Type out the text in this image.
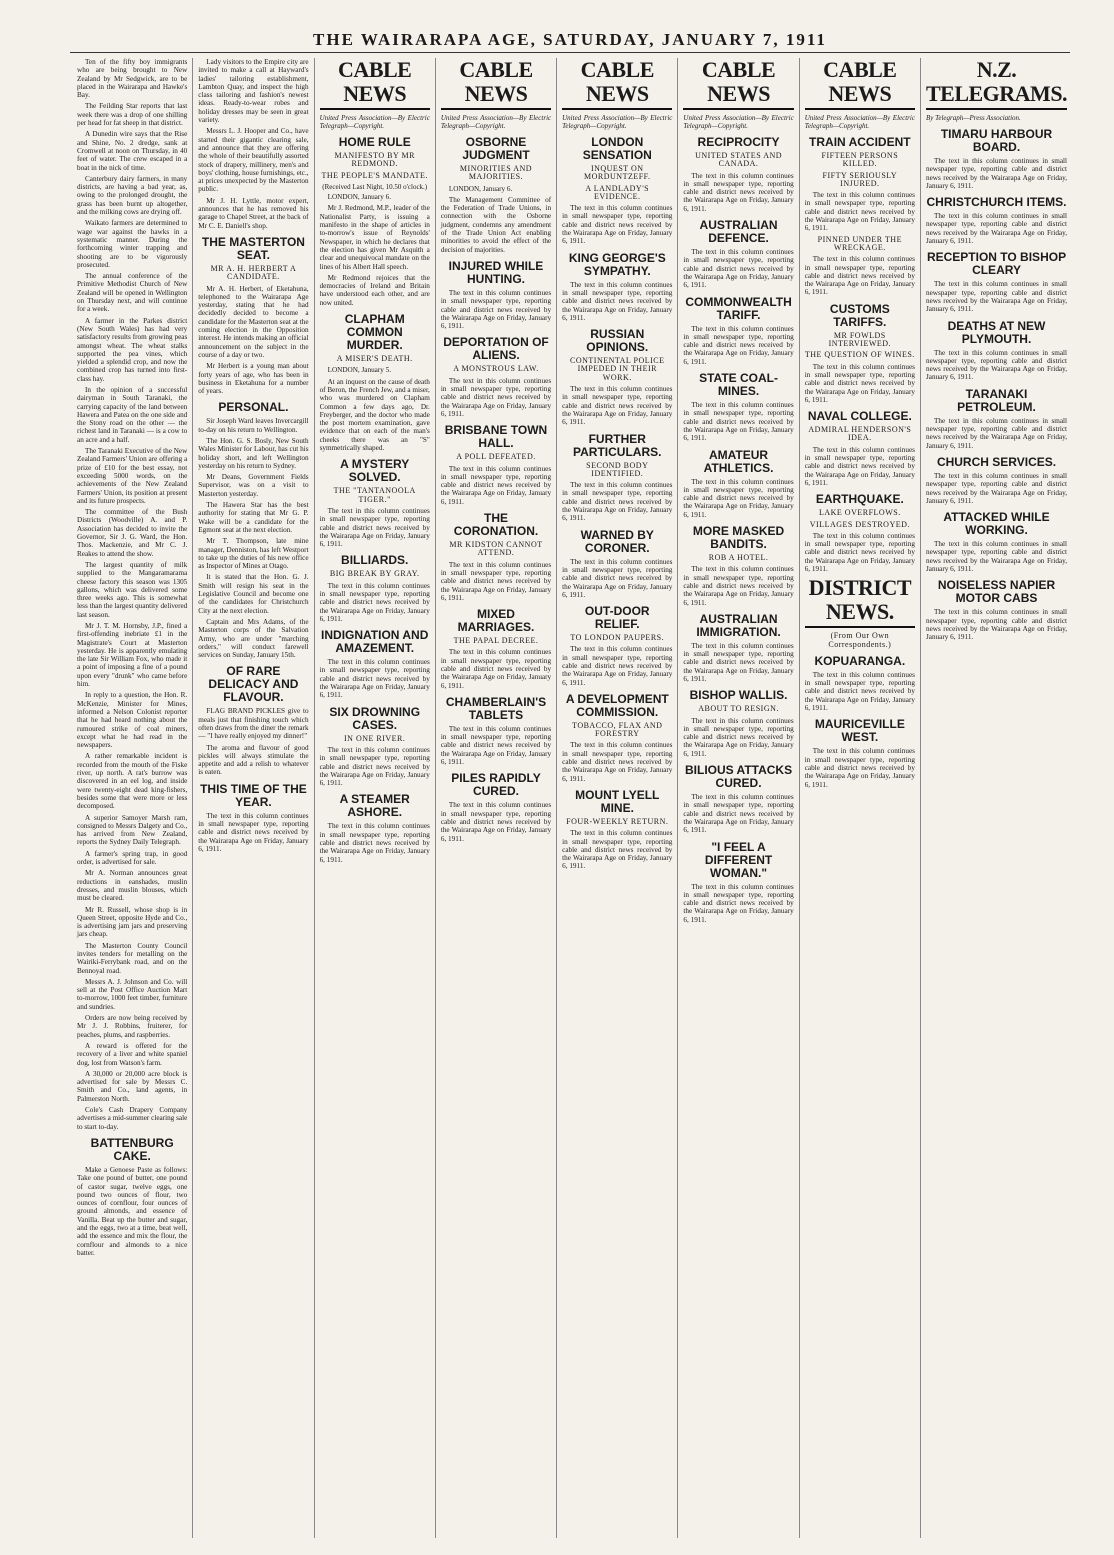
THE WAIRARAPA AGE, SATURDAY, JANUARY 7, 1911

Ten of the fifty boy immigrants who are being brought to New Zealand by Mr Sedgwick, are to be placed in the Wairarapa and Hawke's Bay.

The Feilding Star reports that last week there was a drop of one shilling per head for fat sheep in that district.

A Dunedin wire says that the Rise and Shine, No. 2 dredge, sank at Cromwell at noon on Thursday, in 40 feet of water. The crew escaped in a boat in the nick of time.

Canterbury dairy farmers, in many districts, are having a bad year, as, owing to the prolonged drought, the grass has been burnt up altogether, and the milking cows are drying off.

Waikato farmers are determined to wage war against the hawks in a systematic manner. During the forthcoming winter trapping and shooting are to be vigorously prosecuted.

The annual conference of the Primitive Methodist Church of New Zealand will be opened in Wellington on Thursday next, and will continue for a week.

A farmer in the Parkes district (New South Wales) has had very satisfactory results from growing peas amongst wheat. The wheat stalks supported the pea vines, which yielded a splendid crop, and now the combined crop has turned into first-class hay.

In the opinion of a successful dairyman in South Taranaki, the carrying capacity of the land between Hawera and Patea on the one side and the Stony road on the other — the richest land in Taranaki — is a cow to an acre and a half.

The Taranaki Executive of the New Zealand Farmers' Union are offering a prize of £10 for the best essay, not exceeding 5000 words, on the achievements of the New Zealand Farmers' Union, its position at present and its future prospects.

The committee of the Bush Districts (Woodville) A. and P. Association has decided to invite the Governor, Sir J. G. Ward, the Hon. Thos. Mackenzie, and Mr C. J. Reakes to attend the show.

The largest quantity of milk supplied to the Mangaramarama cheese factory this season was 1305 gallons, which was delivered some three weeks ago. This is somewhat less than the largest quantity delivered last season.

Mr J. T. M. Hornsby, J.P., fined a first-offending inebriate £1 in the Magistrate's Court at Masterton yesterday. He is apparently emulating the late Sir William Fox, who made it a point of imposing a fine of a pound upon every "drunk" who came before him.

In reply to a question, the Hon. R. McKenzie, Minister for Mines, informed a Nelson Colonist reporter that he had heard nothing about the rumoured strike of coal miners, except what he had read in the newspapers.

A rather remarkable incident is recorded from the mouth of the Fiske river, up north. A rat's burrow was discovered in an eel log, and inside were twenty-eight dead king-fishers, besides some that were more or less decomposed.

A superior Samoyer Marsh ram, consigned to Messrs Dalgety and Co., has arrived from New Zealand, reports the Sydney Daily Telegraph.

A farmer's spring trap, in good order, is advertised for sale.

Mr A. Norman announces great reductions in eanshades, muslin dresses, and muslin blouses, which must be cleared.

Mr R. Russell, whose shop is in Queen Street, opposite Hyde and Co., is advertising jam jars and preserving jars cheap.

The Masterton County Council invites tenders for metalling on the Wairiki-Ferrybank road, and on the Bennoyal road.

Messrs A. J. Johnson and Co. will sell at the Post Office Auction Mart to-morrow, 1000 feet timber, furniture and sundries.

Orders are now being received by Mr J. J. Robbins, fruiterer, for peaches, plums, and raspberries.

A reward is offered for the recovery of a liver and white spaniel dog, lost from Watson's farm.

A 30,000 or 20,000 acre block is advertised for sale by Messrs C. Smith and Co., land agents, in Palmerston North.

Cole's Cash Drapery Company advertises a mid-summer clearing sale to start to-day.

BATTENBURG CAKE.

Make a Genoese Paste as follows: Take one pound of butter, one pound of castor sugar, twelve eggs, one pound two ounces of flour, two ounces of cornflour, four ounces of ground almonds, and essence of Vanilla. Beat up the butter and sugar, and the eggs, two at a time, beat well, add the essence and mix the flour, the cornflour and almonds to a nice batter.

Lady visitors to the Empire city are invited to make a call at Hayward's ladies' tailoring establishment, Lambton Quay, and inspect the high class tailoring and fashion's newest ideas. Ready-to-wear robes and holiday dresses may be seen in great variety.

Messrs L. J. Hooper and Co., have started their gigantic clearing sale, and announce that they are offering the whole of their beautifully assorted stock of drapery, millinery, men's and boys' clothing, house furnishings, etc., at prices unexpected by the Masterton public.

Mr J. H. Lyttle, motor expert, announces that he has removed his garage to Chapel Street, at the back of Mr C. E. Daniell's shop.

THE MASTERTON SEAT.
MR A. H. HERBERT A CANDIDATE.

Mr A. H. Herbert, of Eketahuna, telephoned to the Wairarapa Age yesterday, stating that he had decidedly decided to become a candidate for the Masterton seat at the coming election in the Opposition interest. He intends making an official announcement on the subject in the course of a day or two.

Mr Herbert is a young man about forty years of age, who has been in business in Eketahuna for a number of years.

PERSONAL.

Sir Joseph Ward leaves Invercargill to-day on his return to Wellington.

The Hon. G. S. Bosly, New South Wales Minister for Labour, has cut his holiday short, and left Wellington yesterday on his return to Sydney.

Mr Deans, Government Fields Supervisor, was on a visit to Masterton yesterday.

The Hawera Star has the best authority for stating that Mr G. P. Wake will be a candidate for the Egmont seat at the next election.

Mr T. Thompson, late mine manager, Denniston, has left Westport to take up the duties of his new office as Inspector of Mines at Otago.

It is stated that the Hon. G. J. Smith will resign his seat in the Legislative Council and become one of the candidates for Christchurch City at the next election.

Captain and Mrs Adams, of the Masterton corps of the Salvation Army, who are under "marching orders," will conduct farewell services on Sunday, January 15th.

OF RARE DELICACY AND FLAVOUR.

FLAG BRAND PICKLES give to meals just that finishing touch which often draws from the diner the remark — "I have really enjoyed my dinner!"

The aroma and flavour of good pickles will always stimulate the appetite and add a relish to whatever is eaten.

THIS TIME OF THE YEAR.

The text in this column continues in small newspaper type, reporting cable and district news received by the Wairarapa Age on Friday, January 6, 1911.

CABLE NEWS
United Press Association—By Electric Telegraph—Copyright.
HOME RULE
MANIFESTO BY MR REDMOND.
THE PEOPLE'S MANDATE.
(Received Last Night, 10.50 o'clock.)

LONDON, January 6.

Mr J. Redmond, M.P., leader of the Nationalist Party, is issuing a manifesto in the shape of articles in to-morrow's issue of Reynolds' Newspaper, in which he declares that the election has given Mr Asquith a clear and unequivocal mandate on the lines of his Albert Hall speech.

Mr Redmond rejoices that the democracies of Ireland and Britain have understood each other, and are now united.

CLAPHAM COMMON MURDER.
A MISER'S DEATH.

LONDON, January 5.

At an inquest on the cause of death of Beron, the French Jew, and a miser, who was murdered on Clapham Common a few days ago, Dr. Freyberger, and the doctor who made the post mortem examination, gave evidence that on each of the man's cheeks there was an "S" symmetrically shaped.

A MYSTERY SOLVED.
THE "TANTANOOLA TIGER."

The text in this column continues in small newspaper type, reporting cable and district news received by the Wairarapa Age on Friday, January 6, 1911.

BILLIARDS.
BIG BREAK BY GRAY.

The text in this column continues in small newspaper type, reporting cable and district news received by the Wairarapa Age on Friday, January 6, 1911.

INDIGNATION AND AMAZEMENT.

The text in this column continues in small newspaper type, reporting cable and district news received by the Wairarapa Age on Friday, January 6, 1911.

SIX DROWNING CASES.
IN ONE RIVER.

The text in this column continues in small newspaper type, reporting cable and district news received by the Wairarapa Age on Friday, January 6, 1911.

A STEAMER ASHORE.

The text in this column continues in small newspaper type, reporting cable and district news received by the Wairarapa Age on Friday, January 6, 1911.

CABLE NEWS
United Press Association—By Electric Telegraph—Copyright.
OSBORNE JUDGMENT
MINORITIES AND MAJORITIES.

LONDON, January 6.

The Management Committee of the Federation of Trade Unions, in connection with the Osborne judgment, condemns any amendment of the Trade Union Act enabling minorities to avoid the effect of the decision of majorities.

INJURED WHILE HUNTING.

The text in this column continues in small newspaper type, reporting cable and district news received by the Wairarapa Age on Friday, January 6, 1911.

DEPORTATION OF ALIENS.
A MONSTROUS LAW.

The text in this column continues in small newspaper type, reporting cable and district news received by the Wairarapa Age on Friday, January 6, 1911.

BRISBANE TOWN HALL.
A POLL DEFEATED.

The text in this column continues in small newspaper type, reporting cable and district news received by the Wairarapa Age on Friday, January 6, 1911.

THE CORONATION.
MR KIDSTON CANNOT ATTEND.

The text in this column continues in small newspaper type, reporting cable and district news received by the Wairarapa Age on Friday, January 6, 1911.

MIXED MARRIAGES.
THE PAPAL DECREE.

The text in this column continues in small newspaper type, reporting cable and district news received by the Wairarapa Age on Friday, January 6, 1911.

CHAMBERLAIN'S TABLETS

The text in this column continues in small newspaper type, reporting cable and district news received by the Wairarapa Age on Friday, January 6, 1911.

PILES RAPIDLY CURED.

The text in this column continues in small newspaper type, reporting cable and district news received by the Wairarapa Age on Friday, January 6, 1911.

CABLE NEWS
United Press Association—By Electric Telegraph—Copyright.
LONDON SENSATION
INQUEST ON MORDUNTZEFF.
A LANDLADY'S EVIDENCE.

The text in this column continues in small newspaper type, reporting cable and district news received by the Wairarapa Age on Friday, January 6, 1911.

KING GEORGE'S SYMPATHY.

The text in this column continues in small newspaper type, reporting cable and district news received by the Wairarapa Age on Friday, January 6, 1911.

RUSSIAN OPINIONS.
CONTINENTAL POLICE IMPEDED IN THEIR WORK.

The text in this column continues in small newspaper type, reporting cable and district news received by the Wairarapa Age on Friday, January 6, 1911.

FURTHER PARTICULARS.
SECOND BODY IDENTIFIED.

The text in this column continues in small newspaper type, reporting cable and district news received by the Wairarapa Age on Friday, January 6, 1911.

WARNED BY CORONER.

The text in this column continues in small newspaper type, reporting cable and district news received by the Wairarapa Age on Friday, January 6, 1911.

OUT-DOOR RELIEF.
TO LONDON PAUPERS.

The text in this column continues in small newspaper type, reporting cable and district news received by the Wairarapa Age on Friday, January 6, 1911.

A DEVELOPMENT COMMISSION.
TOBACCO, FLAX AND FORESTRY

The text in this column continues in small newspaper type, reporting cable and district news received by the Wairarapa Age on Friday, January 6, 1911.

MOUNT LYELL MINE.
FOUR-WEEKLY RETURN.

The text in this column continues in small newspaper type, reporting cable and district news received by the Wairarapa Age on Friday, January 6, 1911.

CABLE NEWS
United Press Association—By Electric Telegraph—Copyright.
RECIPROCITY
UNITED STATES AND CANADA.

The text in this column continues in small newspaper type, reporting cable and district news received by the Wairarapa Age on Friday, January 6, 1911.

AUSTRALIAN DEFENCE.

The text in this column continues in small newspaper type, reporting cable and district news received by the Wairarapa Age on Friday, January 6, 1911.

COMMONWEALTH TARIFF.

The text in this column continues in small newspaper type, reporting cable and district news received by the Wairarapa Age on Friday, January 6, 1911.

STATE COAL-MINES.

The text in this column continues in small newspaper type, reporting cable and district news received by the Wairarapa Age on Friday, January 6, 1911.

AMATEUR ATHLETICS.

The text in this column continues in small newspaper type, reporting cable and district news received by the Wairarapa Age on Friday, January 6, 1911.

MORE MASKED BANDITS.
ROB A HOTEL.

The text in this column continues in small newspaper type, reporting cable and district news received by the Wairarapa Age on Friday, January 6, 1911.

AUSTRALIAN IMMIGRATION.

The text in this column continues in small newspaper type, reporting cable and district news received by the Wairarapa Age on Friday, January 6, 1911.

BISHOP WALLIS.
ABOUT TO RESIGN.

The text in this column continues in small newspaper type, reporting cable and district news received by the Wairarapa Age on Friday, January 6, 1911.

BILIOUS ATTACKS CURED.

The text in this column continues in small newspaper type, reporting cable and district news received by the Wairarapa Age on Friday, January 6, 1911.

"I FEEL A DIFFERENT WOMAN."

The text in this column continues in small newspaper type, reporting cable and district news received by the Wairarapa Age on Friday, January 6, 1911.

CABLE NEWS
United Press Association—By Electric Telegraph—Copyright.
TRAIN ACCIDENT
FIFTEEN PERSONS KILLED.
FIFTY SERIOUSLY INJURED.

The text in this column continues in small newspaper type, reporting cable and district news received by the Wairarapa Age on Friday, January 6, 1911.

PINNED UNDER THE WRECKAGE.

The text in this column continues in small newspaper type, reporting cable and district news received by the Wairarapa Age on Friday, January 6, 1911.

CUSTOMS TARIFFS.
MR FOWLDS INTERVIEWED.
THE QUESTION OF WINES.

The text in this column continues in small newspaper type, reporting cable and district news received by the Wairarapa Age on Friday, January 6, 1911.

NAVAL COLLEGE.
ADMIRAL HENDERSON'S IDEA.

The text in this column continues in small newspaper type, reporting cable and district news received by the Wairarapa Age on Friday, January 6, 1911.

EARTHQUAKE.
LAKE OVERFLOWS.
VILLAGES DESTROYED.

The text in this column continues in small newspaper type, reporting cable and district news received by the Wairarapa Age on Friday, January 6, 1911.

DISTRICT NEWS.
(From Our Own Correspondents.)
KOPUARANGA.

The text in this column continues in small newspaper type, reporting cable and district news received by the Wairarapa Age on Friday, January 6, 1911.

MAURICEVILLE WEST.

The text in this column continues in small newspaper type, reporting cable and district news received by the Wairarapa Age on Friday, January 6, 1911.

N.Z. TELEGRAMS.
By Telegraph—Press Association.
TIMARU HARBOUR BOARD.

The text in this column continues in small newspaper type, reporting cable and district news received by the Wairarapa Age on Friday, January 6, 1911.

CHRISTCHURCH ITEMS.

The text in this column continues in small newspaper type, reporting cable and district news received by the Wairarapa Age on Friday, January 6, 1911.

RECEPTION TO BISHOP CLEARY

The text in this column continues in small newspaper type, reporting cable and district news received by the Wairarapa Age on Friday, January 6, 1911.

DEATHS AT NEW PLYMOUTH.

The text in this column continues in small newspaper type, reporting cable and district news received by the Wairarapa Age on Friday, January 6, 1911.

TARANAKI PETROLEUM.

The text in this column continues in small newspaper type, reporting cable and district news received by the Wairarapa Age on Friday, January 6, 1911.

CHURCH SERVICES.

The text in this column continues in small newspaper type, reporting cable and district news received by the Wairarapa Age on Friday, January 6, 1911.

ATTACKED WHILE WORKING.

The text in this column continues in small newspaper type, reporting cable and district news received by the Wairarapa Age on Friday, January 6, 1911.

NOISELESS NAPIER MOTOR CABS

The text in this column continues in small newspaper type, reporting cable and district news received by the Wairarapa Age on Friday, January 6, 1911.
